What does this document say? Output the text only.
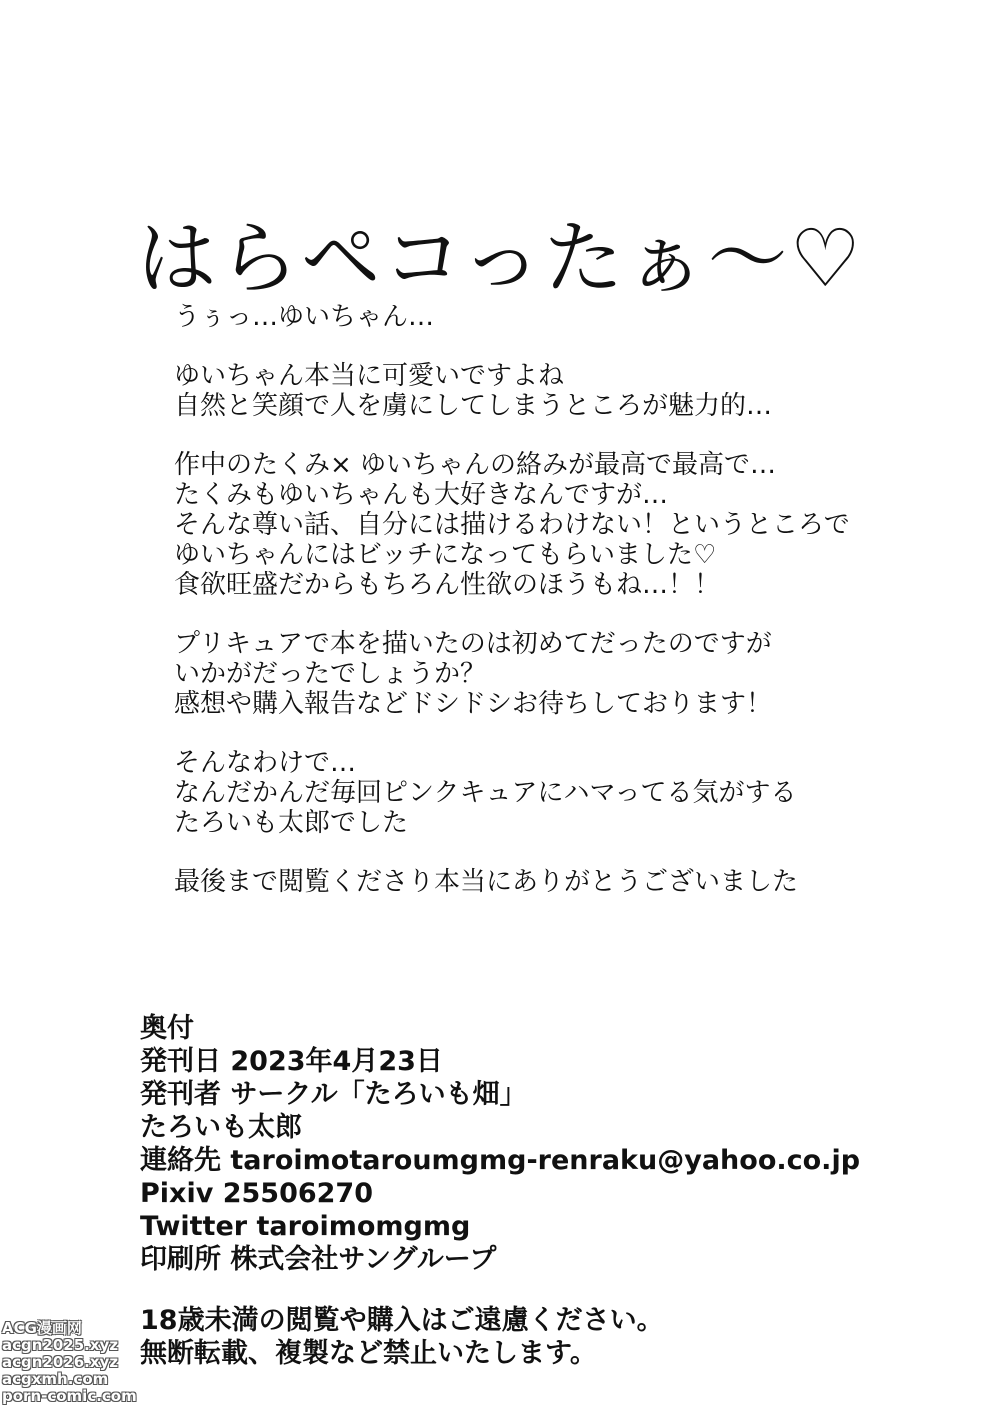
はらペコったぁ～♡
うぅっ…ゆいちゃん…
ゆいちゃん本当に可愛いですよね
自然と笑顔で人を虜にしてしまうところが魅力的…
作中のたくみ× ゆいちゃんの絡みが最高で最高で…
たくみもゆいちゃんも大好きなんですが…
そんな尊い話、自分には描けるわけない！というところで
ゆいちゃんにはビッチになってもらいました♡
食欲旺盛だからもちろん性欲のほうもね…！！
プリキュアで本を描いたのは初めてだったのですが
いかがだったでしょうか？
感想や購入報告などドシドシお待ちしております！
そんなわけで…
なんだかんだ毎回ピンクキュアにハマってる気がする
たろいも太郎でした
最後まで閲覧くださり本当にありがとうございました
奥付
発刊日 2023年4月23日
発刊者 サークル「たろいも畑」
たろいも太郎
連絡先 taroimotaroumgmg-renraku@yahoo.co.jp
Pixiv 25506270
Twitter taroimomgmg
印刷所 株式会社サングループ
18歳未満の閲覧や購入はご遠慮ください。
無断転載、複製など禁止いたします。
ACG漫画网
acgn2025.xyz
acgn2026.xyz
acgxmh.com
porn-comic.com
